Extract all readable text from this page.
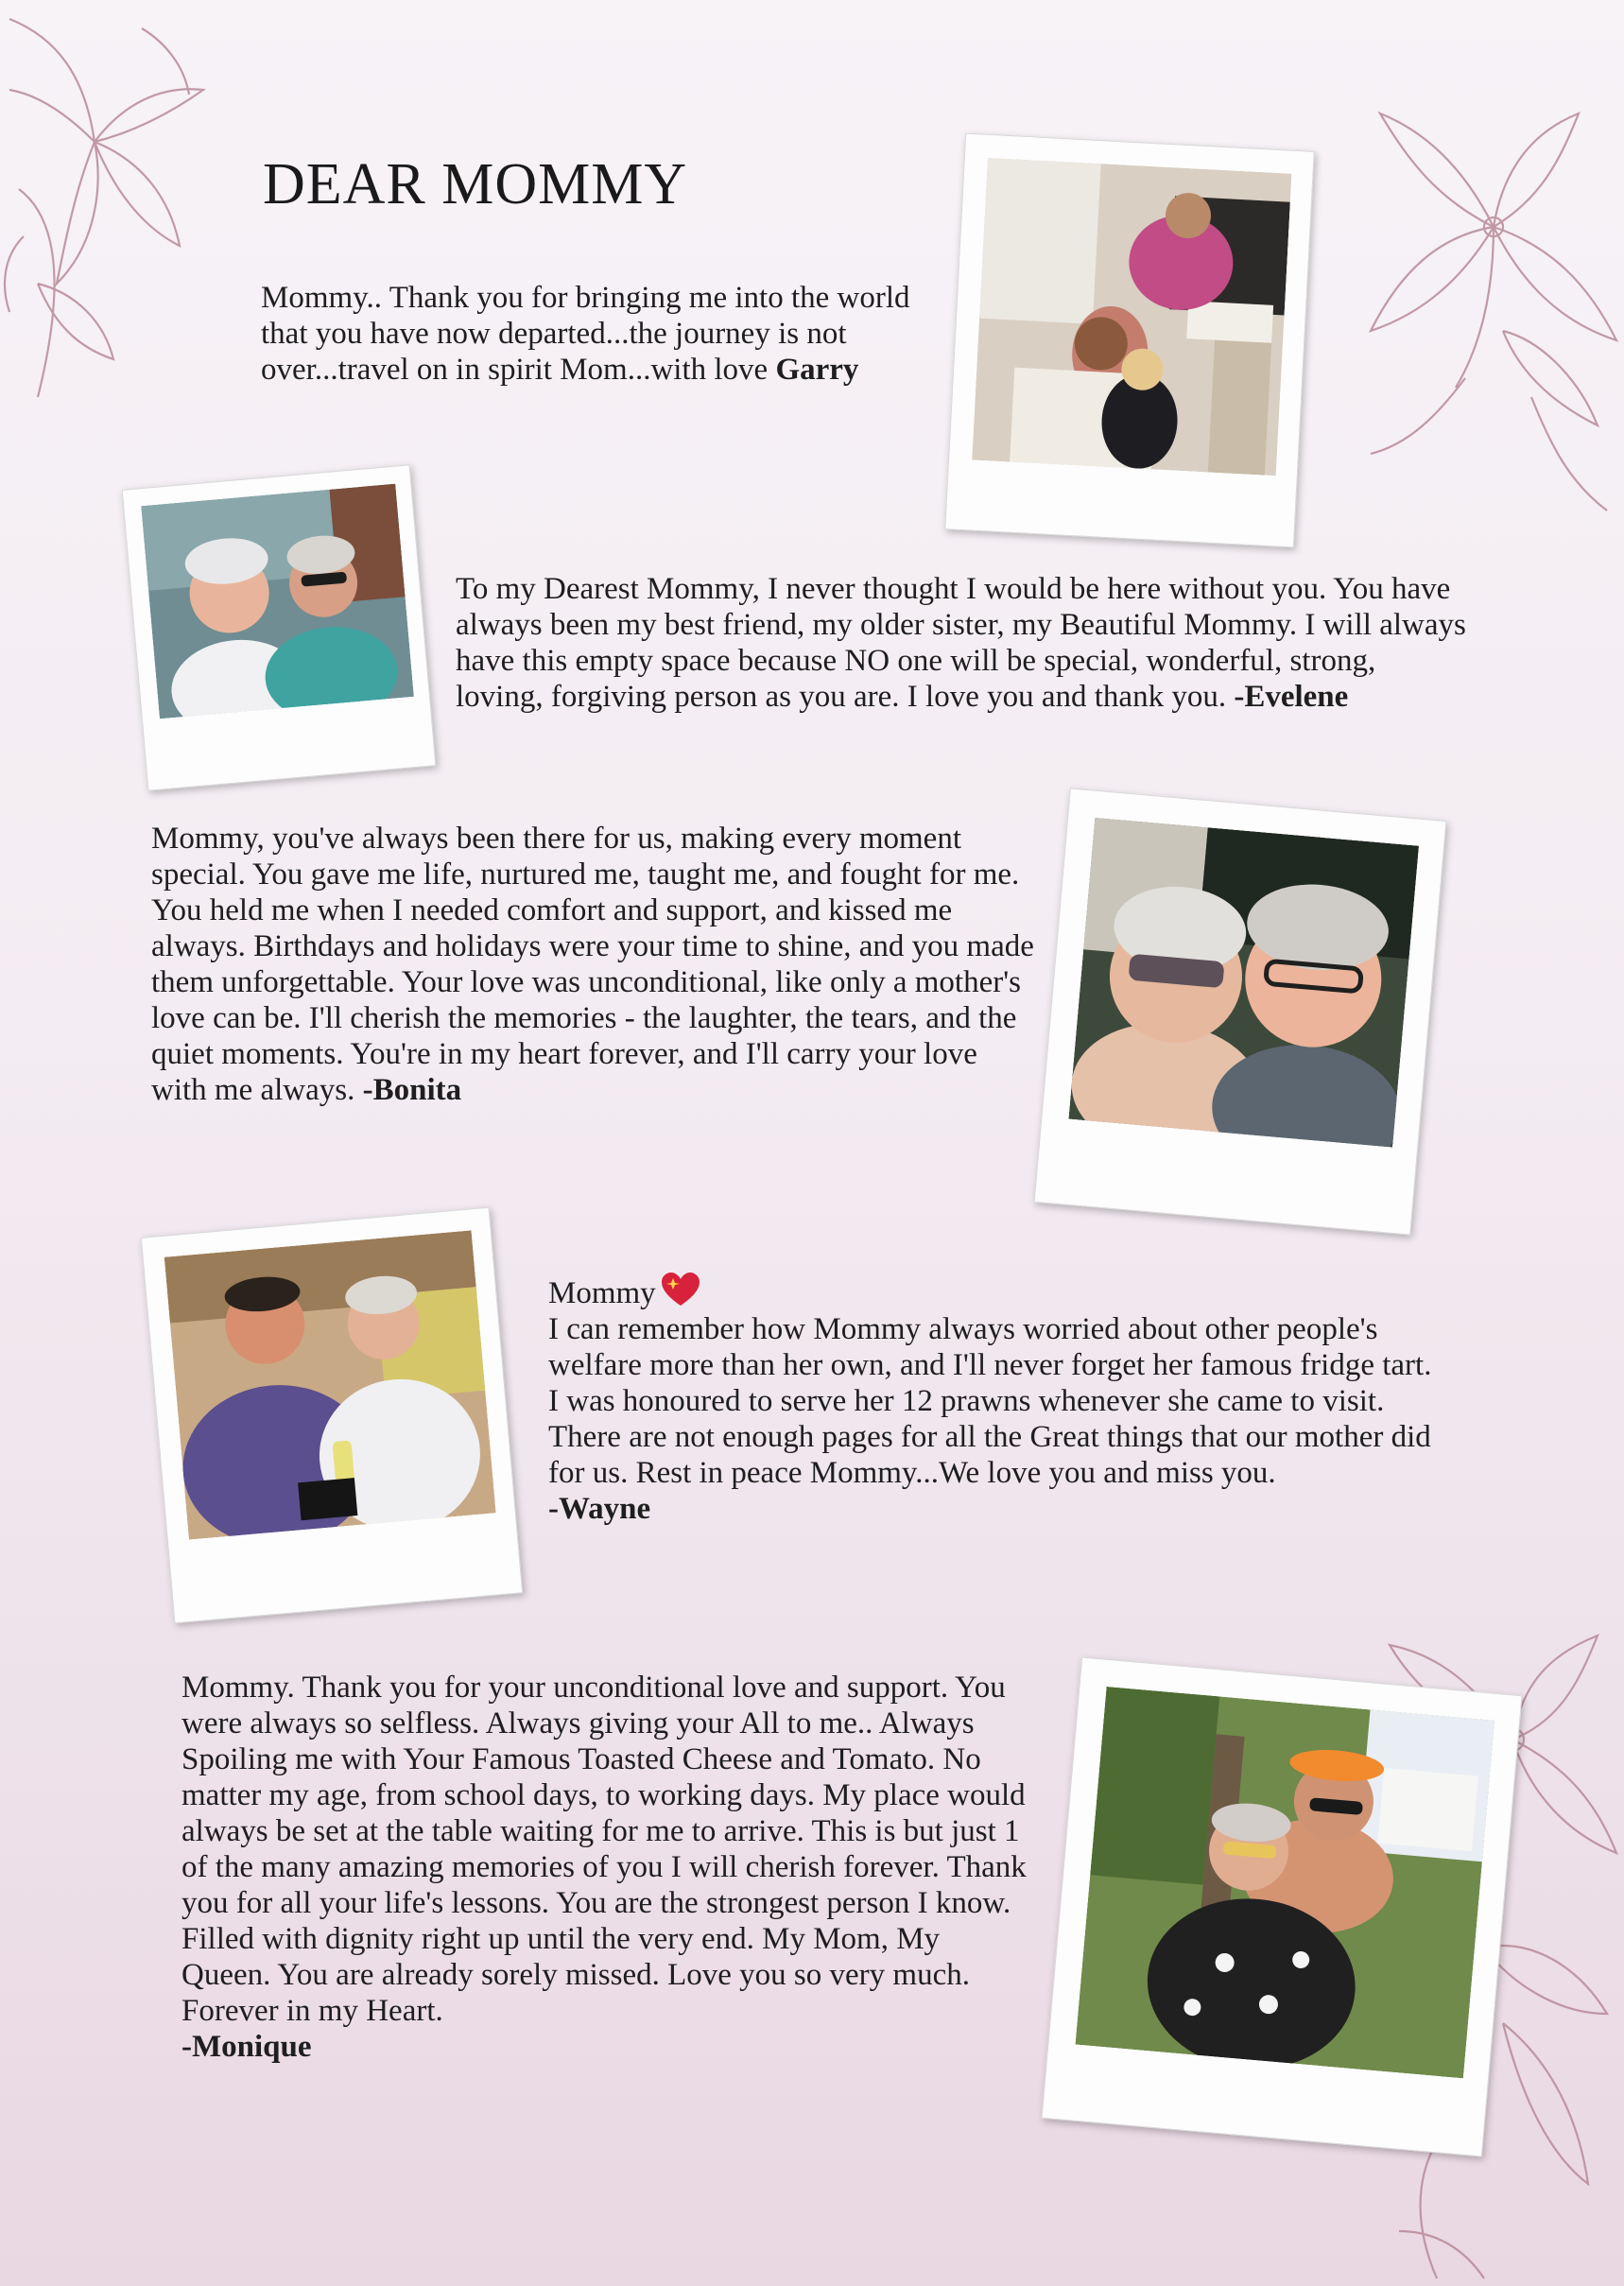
DEAR MOMMY

Mommy.. Thank you for bringing me into the world that you have now departed...the journey is not over...travel on in spirit Mom...with love Garry

To my Dearest Mommy, I never thought I would be here without you. You have always been my best friend, my older sister, my Beautiful Mommy. I will always have this empty space because NO one will be special, wonderful, strong, loving, forgiving person as you are. I love you and thank you. -Evelene

Mommy, you've always been there for us, making every moment special. You gave me life, nurtured me, taught me, and fought for me. You held me when I needed comfort and support, and kissed me always. Birthdays and holidays were your time to shine, and you made them unforgettable. Your love was unconditional, like only a mother's love can be. I'll cherish the memories - the laughter, the tears, and the quiet moments. You're in my heart forever, and I'll carry your love with me always. -Bonita

Mommy

I can remember how Mommy always worried about other people's welfare more than her own, and I'll never forget her famous fridge tart. I was honoured to serve her 12 prawns whenever she came to visit. There are not enough pages for all the Great things that our mother did for us. Rest in peace Mommy...We love you and miss you.

-Wayne

Mommy. Thank you for your unconditional love and support. You were always so selfless. Always giving your All to me.. Always Spoiling me with Your Famous Toasted Cheese and Tomato. No matter my age, from school days, to working days. My place would always be set at the table waiting for me to arrive. This is but just 1 of the many amazing memories of you I will cherish forever. Thank you for all your life's lessons. You are the strongest person I know. Filled with dignity right up until the very end. My Mom, My Queen. You are already sorely missed. Love you so very much. Forever in my Heart.

-Monique
